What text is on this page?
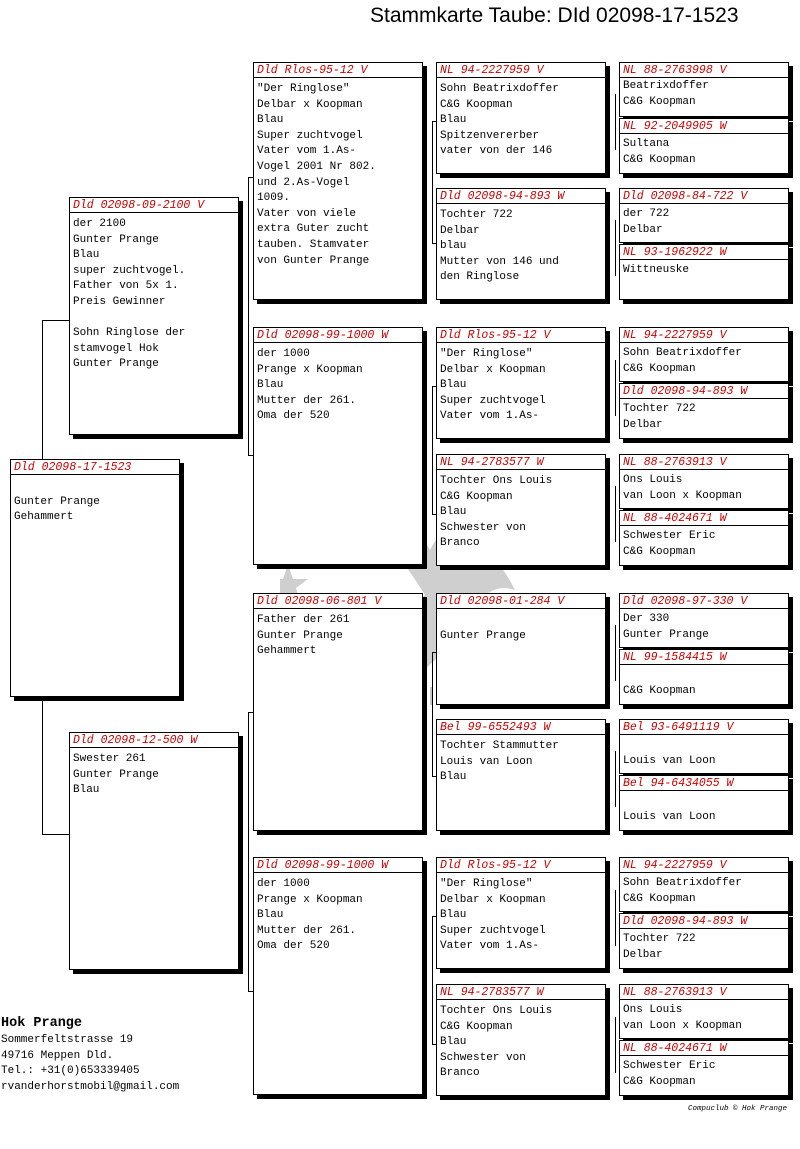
Stammkarte Taube: DId 02098-17-1523
Dld 02098-17-1523

Gunter Prange
Gehammert
Dld 02098-09-2100 V
der 2100
Gunter Prange
Blau
super zuchtvogel.
Father von 5x 1.
Preis Gewinner

Sohn Ringlose der
stamvogel Hok
Gunter Prange
Dld 02098-12-500 W
Swester 261
Gunter Prange
Blau
Dld Rlos-95-12 V
"Der Ringlose"
Delbar x Koopman
Blau
Super zuchtvogel
Vater vom 1.As-
Vogel 2001 Nr 802.
und 2.As-Vogel
1009.
Vater von viele
extra Guter zucht
tauben. Stamvater
von Gunter Prange
Dld 02098-99-1000 W
der 1000
Prange x Koopman
Blau
Mutter der 261.
Oma der 520
Dld 02098-06-801 V
Father der 261
Gunter Prange
Gehammert
Dld 02098-99-1000 W
der 1000
Prange x Koopman
Blau
Mutter der 261.
Oma der 520
NL 94-2227959 V
Sohn Beatrixdoffer
C&G Koopman
Blau
Spitzenvererber
vater von der 146
Dld 02098-94-893 W
Tochter 722
Delbar
blau
Mutter von 146 und
den Ringlose
Dld Rlos-95-12 V
"Der Ringlose"
Delbar x Koopman
Blau
Super zuchtvogel
Vater vom 1.As-
NL 94-2783577 W
Tochter Ons Louis
C&G Koopman
Blau
Schwester von
Branco
Dld 02098-01-284 V

Gunter Prange
Bel 99-6552493 W
Tochter Stammutter
Louis van Loon
Blau
Dld Rlos-95-12 V
"Der Ringlose"
Delbar x Koopman
Blau
Super zuchtvogel
Vater vom 1.As-
NL 94-2783577 W
Tochter Ons Louis
C&G Koopman
Blau
Schwester von
Branco
NL 88-2763998 V
Beatrixdoffer
C&G Koopman
NL 92-2049905 W
Sultana
C&G Koopman
Dld 02098-84-722 V
der 722
Delbar
NL 93-1962922 W
Wittneuske
NL 94-2227959 V
Sohn Beatrixdoffer
C&G Koopman
Dld 02098-94-893 W
Tochter 722
Delbar
NL 88-2763913 V
Ons Louis
van Loon x Koopman
NL 88-4024671 W
Schwester Eric
C&G Koopman
Dld 02098-97-330 V
Der 330
Gunter Prange
NL 99-1584415 W

C&G Koopman
Bel 93-6491119 V

Louis van Loon
Bel 94-6434055 W

Louis van Loon
NL 94-2227959 V
Sohn Beatrixdoffer
C&G Koopman
Dld 02098-94-893 W
Tochter 722
Delbar
NL 88-2763913 V
Ons Louis
van Loon x Koopman
NL 88-4024671 W
Schwester Eric
C&G Koopman
Hok Prange
Sommerfeltstrasse 19
49716 Meppen Dld.
Tel.: +31(0)653339405
rvanderhorstmobil@gmail.com
Compuclub © Hok Prange
